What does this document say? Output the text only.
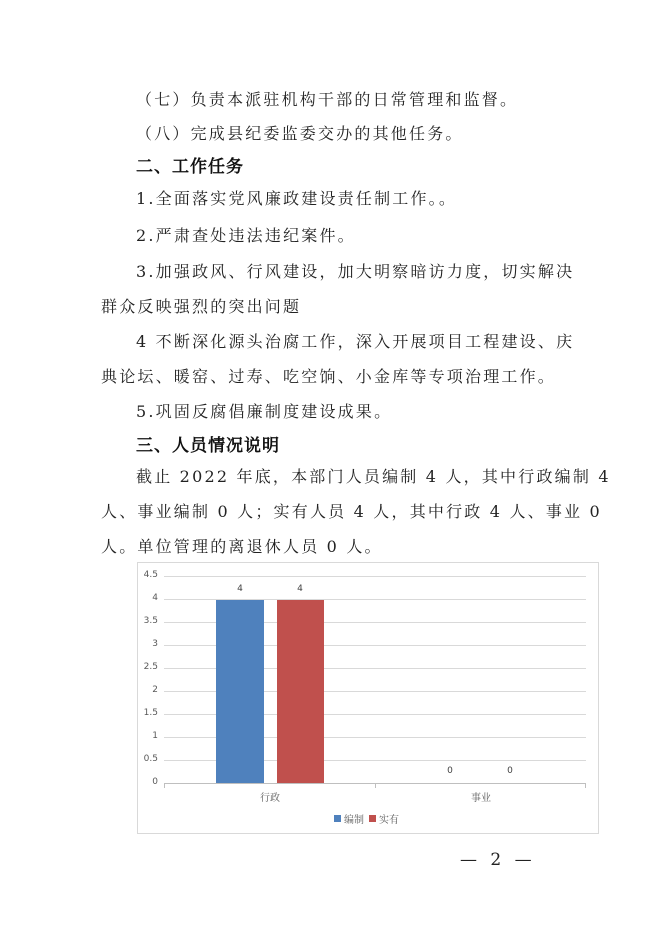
（七）负责本派驻机构干部的日常管理和监督。
（八）完成县纪委监委交办的其他任务。
二、工作任务
1.全面落实党风廉政建设责任制工作。。
2.严肃查处违法违纪案件。
3.加强政风、行风建设，加大明察暗访力度，切实解决
群众反映强烈的突出问题
4 不断深化源头治腐工作，深入开展项目工程建设、庆
典论坛、暖窑、过寿、吃空饷、小金库等专项治理工作。
5.巩固反腐倡廉制度建设成果。
三、人员情况说明
截止 2022 年底，本部门人员编制 4 人，其中行政编制 4
人、事业编制 0 人；实有人员 4 人，其中行政 4 人、事业 0
人。单位管理的离退休人员 0 人。
4.5
4
3.5
3
2.5
2
1.5
1
0.5
0
4	4
0	0
行政	事业
编制 实有
— 2 —
